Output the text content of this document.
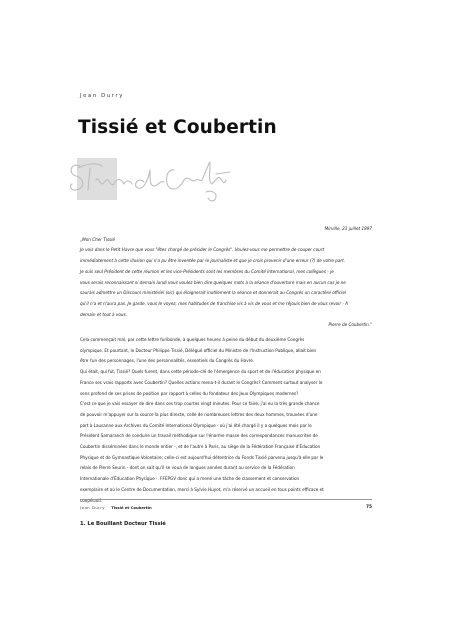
Jean Durry
Tissié et Coubertin
Mirville, 23 juillet 1897
„Mon Cher Tissié
Je vois dans le Petit Havre que vous "êtes chargé de présider le Congrès". Voulez-vous me permettre de couper court
immédiatement à cette illusion qui n'a pu être inventée par le journaliste et que je crois provenir d'une erreur (?) de votre part.
Je suis seul Président de cette réunion et les vice-Présidents sont les membres du Comité International, mes collègues - je
vous serais reconnaissant si demain lundi vous voulez bien dire quelques mots à la séance d'ouverture mais en aucun cas je ne
saurais admettre un Discours ministériel (sic) qui éloignerait inutilement la séance et donnerait au Congrès un caractère officiel
qu'il n'a et n'aura pas. Je garde, vous le voyez, mes habitudes de franchise vis à vis de vous et me réjouis bien de vous revoir - A
demain et tout à vous.
Pierre de Coubertin."
Cela commençait mal, par cette lettre furibonde, à quelques heures à peine du début du deuxième Congrès
olympique. Et pourtant, le Docteur Philippe Tissié, Délégué officiel du Ministre de l'Instruction Publique, allait bien
être l'un des personnages, l'une des personnalités, essentiels du Congrès du Havre.
Qui était, qui fut, Tissié? Quels furent, dans cette période-clé de l'émergence du sport et de l'éducation physique en
France ses vrais rapports avec Coubertin? Quelles actions mena-t-il durant le Congrès? Comment surtout analyser le
sens profond de ses prises de position par rapport à celles du fondateur des Jeux Olympiques modernes?
C'est ce que je vais essayer de dire dans ces trop courtes vingt minutes. Pour ce faire, j'ai eu la très grande chance
de pouvoir m'appuyer sur la source la plus directe, celle de nombreuses lettres des deux hommes, trouvées d'une
part à Lausanne aux Archives du Comité International Olympique - où j'ai été chargé il y a quelques mois par le
Président Samaranch de conduire un travail méthodique sur l'énorme masse des correspondances manuscrites de
Coubertin disséminées dans le monde entier -, et de l'autre à Paris, au siège de la Fédération Française d'Éducation
Physique et de Gymnastique Volontaire; celle-ci est aujourd'hui détentrice du Fonds Tissié parvenu jusqu'à elle par le
relais de Pierre Seurin - dont on sait qu'il se voua de longues années durant au service de la Fédération
Internationale d'Éducation Physique -. FFEPGV donc qui a mené une tâche de classement et conservation
exemplaire et où le Centre de Documentation, merci à Sylvie Huyot, m'a réservé un accueil en tous points efficace et
coopératif.
1. Le Bouillant Docteur Tissié
Jean Durry Tissié et Coubertin	75
